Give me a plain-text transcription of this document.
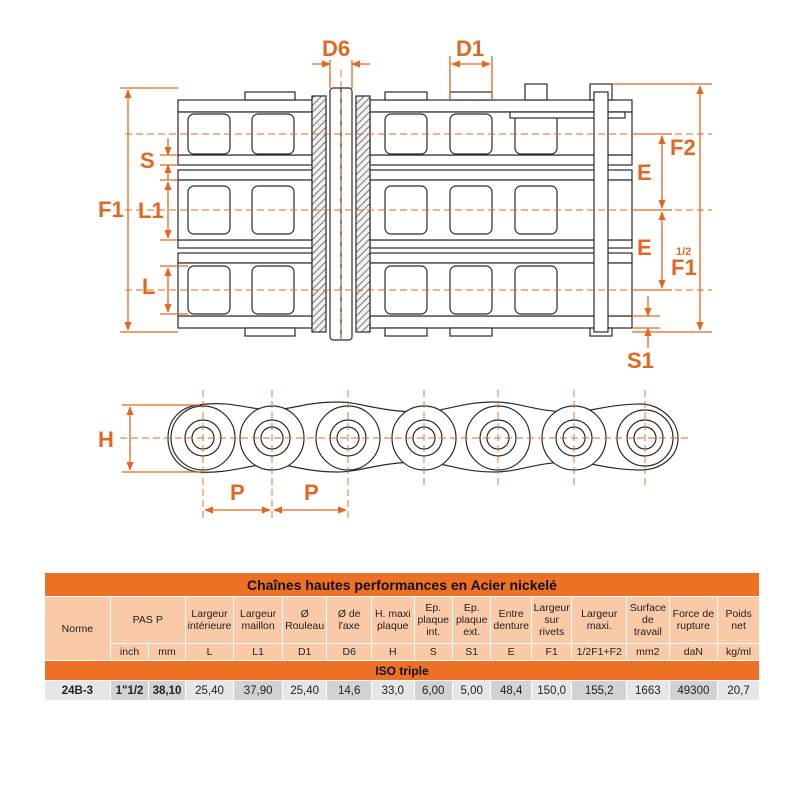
D6	D1
F1
S
L1
L
F2
E
E 1/2
F1
S1
H
P	P
Chaînes hautes performances en Acier nickelé															
Norme	PAS P		Largeur intérieure	Largeur maillon	Ø Rouleau	Ø de l'axe	H. maxi plaque	Ep. plaque int.	Ep. plaque ext.	Entre denture	Largeur sur rivets	Largeur maxi.	Surface de travail	Force de rupture	Poids net
	inch	mm	L	L1	D1	D6	H	S	S1	E	F1	1/2F1+F2	mm2	daN	kg/ml
ISO triple															
24B-3	1"1/2	38,10	25,40	37,90	25,40	14,6	33,0	6,00	5,00	48,4	150,0	155,2	1663	49300	20,7
